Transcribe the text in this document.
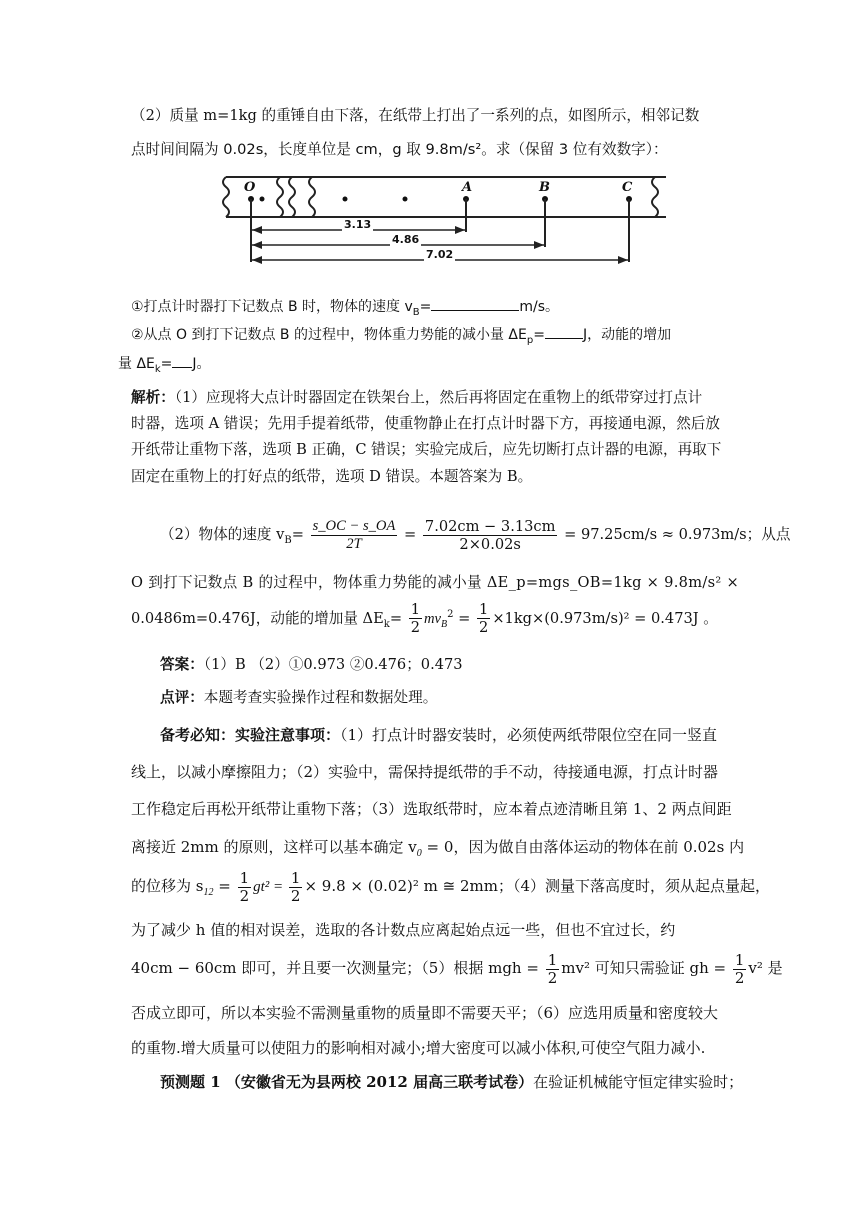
（2）质量 m=1kg 的重锤自由下落，在纸带上打出了一系列的点，如图所示，相邻记数
点时间间隔为 0.02s，长度单位是 cm，g 取 9.8m/s²。求（保留 3 位有效数字）：
O	A	B	C
3.13
4.86
7.02
①打点计时器打下记数点 B 时，物体的速度 $v_B=$	m/s。
②从点 O 到打下记数点 B 的过程中，物体重力势能的减小量 $\Delta E_p=$	J，动能的增加
量 $\Delta E_k= J$。
解析：（1）应现将大点计时器固定在铁架台上，然后再将固定在重物上的纸带穿过打点计
时器，选项 A 错误；先用手提着纸带，使重物静止在打点计时器下方，再接通电源，然后放
开纸带让重物下落，选项 B 正确，C 错误；实验完成后，应先切断打点计器的电源，再取下
固定在重物上的打好点的纸带，选项 D 错误。本题答案为 B。
（2）物体的速度 $v_B= \frac{s\_OC - s\_OA}{2T} = \frac{7.02cm - 3.13cm}{2\times 0.02s} = 97.25cm/s \approx 0.973m/s$；从点
O 到打下记数点 B 的过程中，物体重力势能的减小量 ΔE_p=mgs_OB=1kg × 9.8m/s² ×
0.0486m=0.476J，动能的增加量 $\Delta E_k= \frac{1}{2} mv_B^2 = \frac{1}{2} \times 1kg\times(0.973m/s)^2 = 0.473J$ 。
答案：（1）B （2）①0.973 ②0.476；0.473
点评：本题考查实验操作过程和数据处理。
备考必知：实验注意事项：（1）打点计时器安装时，必须使两纸带限位空在同一竖直
线上，以减小摩擦阻力；（2）实验中，需保持提纸带的手不动，待接通电源，打点计时器
工作稳定后再松开纸带让重物下落；（3）选取纸带时，应本着点迹清晰且第 1、2 两点间距
离接近 2mm 的原则，这样可以基本确定 $v_0 = 0$，因为做自由落体运动的物体在前 0.02s 内
的位移为 $s_{12} = \frac{1}{2} gt^2 = \frac{1}{2} \times 9.8 \times (0.02)^2$ m ≅ 2mm；（4）测量下落高度时，须从起点量起，
为了减少 h 值的相对误差，选取的各计数点应离起始点远一些，但也不宜过长，约
40cm − 60cm 即可，并且要一次测量完；（5）根据 mgh = $\frac{1}{2} mv^2$ 可知只需验证 gh = $\frac{1}{2} v^2$ 是
否成立即可，所以本实验不需测量重物的质量即不需要天平；（6）应选用质量和密度较大
的重物.增大质量可以使阻力的影响相对减小;增大密度可以减小体积,可使空气阻力减小.
预测题 1 （安徽省无为县两校 2012 届高三联考试卷）在验证机械能守恒定律实验时；
